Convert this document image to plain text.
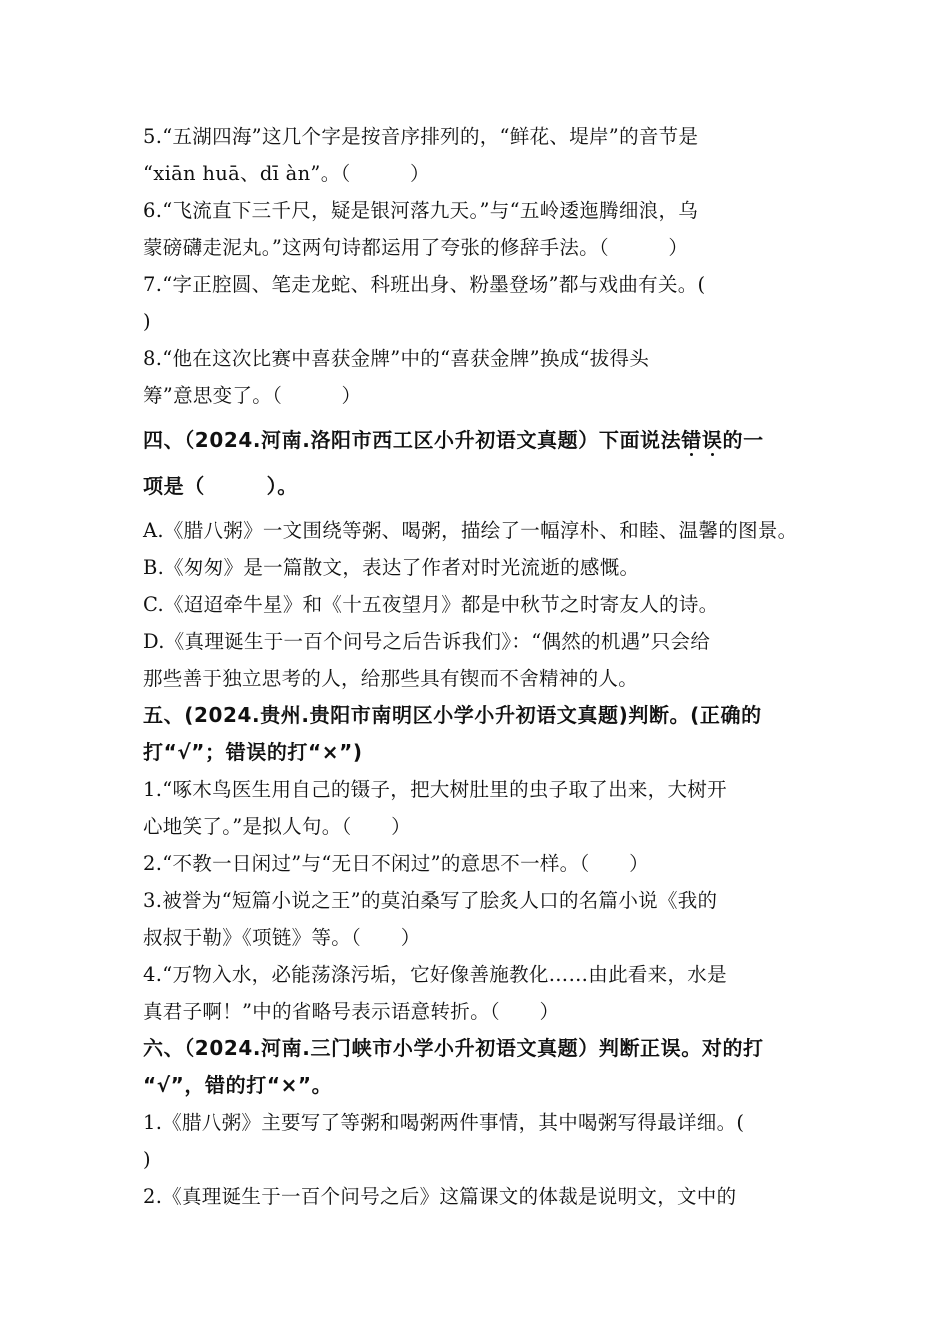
5.“五湖四海”这几个字是按音序排列的，“鲜花、堤岸”的音节是
“xiān huā、dī àn”。（　　　）
6.“飞流直下三千尺，疑是银河落九天。”与“五岭逶迤腾细浪，乌
蒙磅礴走泥丸。”这两句诗都运用了夸张的修辞手法。（　　　）
7.“字正腔圆、笔走龙蛇、科班出身、粉墨登场”都与戏曲有关。(
)
8.“他在这次比赛中喜获金牌”中的“喜获金牌”换成“拔得头
筹”意思变了。（　　　）
四、（2024.河南.洛阳市西工区小升初语文真题）下面说法错
误
的一
项是（　　　）。
A.《腊八粥》一文围绕等粥、喝粥，描绘了一幅淳朴、和睦、温馨的图景。
B.《匆匆》是一篇散文，表达了作者对时光流逝的感慨。
C.《迢迢牵牛星》和《十五夜望月》都是中秋节之时寄友人的诗。
D.《真理诞生于一百个问号之后告诉我们》：“偶然的机遇”只会给
那些善于独立思考的人，给那些具有锲而不舍精神的人。
五、(2024.贵州.贵阳市南明区小学小升初语文真题)判断。(正确的
打“√”；错误的打“×”)
1.“啄木鸟医生用自己的镊子，把大树肚里的虫子取了出来，大树开
心地笑了。”是拟人句。（　　）
2.“不教一日闲过”与“无日不闲过”的意思不一样。（　　）
3.被誉为“短篇小说之王”的莫泊桑写了脍炙人口的名篇小说《我的
叔叔于勒》《项链》等。（　　）
4.“万物入水，必能荡涤污垢，它好像善施教化……由此看来，水是
真君子啊！”中的省略号表示语意转折。（　　）
六、（2024.河南.三门峡市小学小升初语文真题）判断正误。对的打
“√”，错的打“×”。
1.《腊八粥》主要写了等粥和喝粥两件事情，其中喝粥写得最详细。(
)
2.《真理诞生于一百个问号之后》这篇课文的体裁是说明文，文中的
